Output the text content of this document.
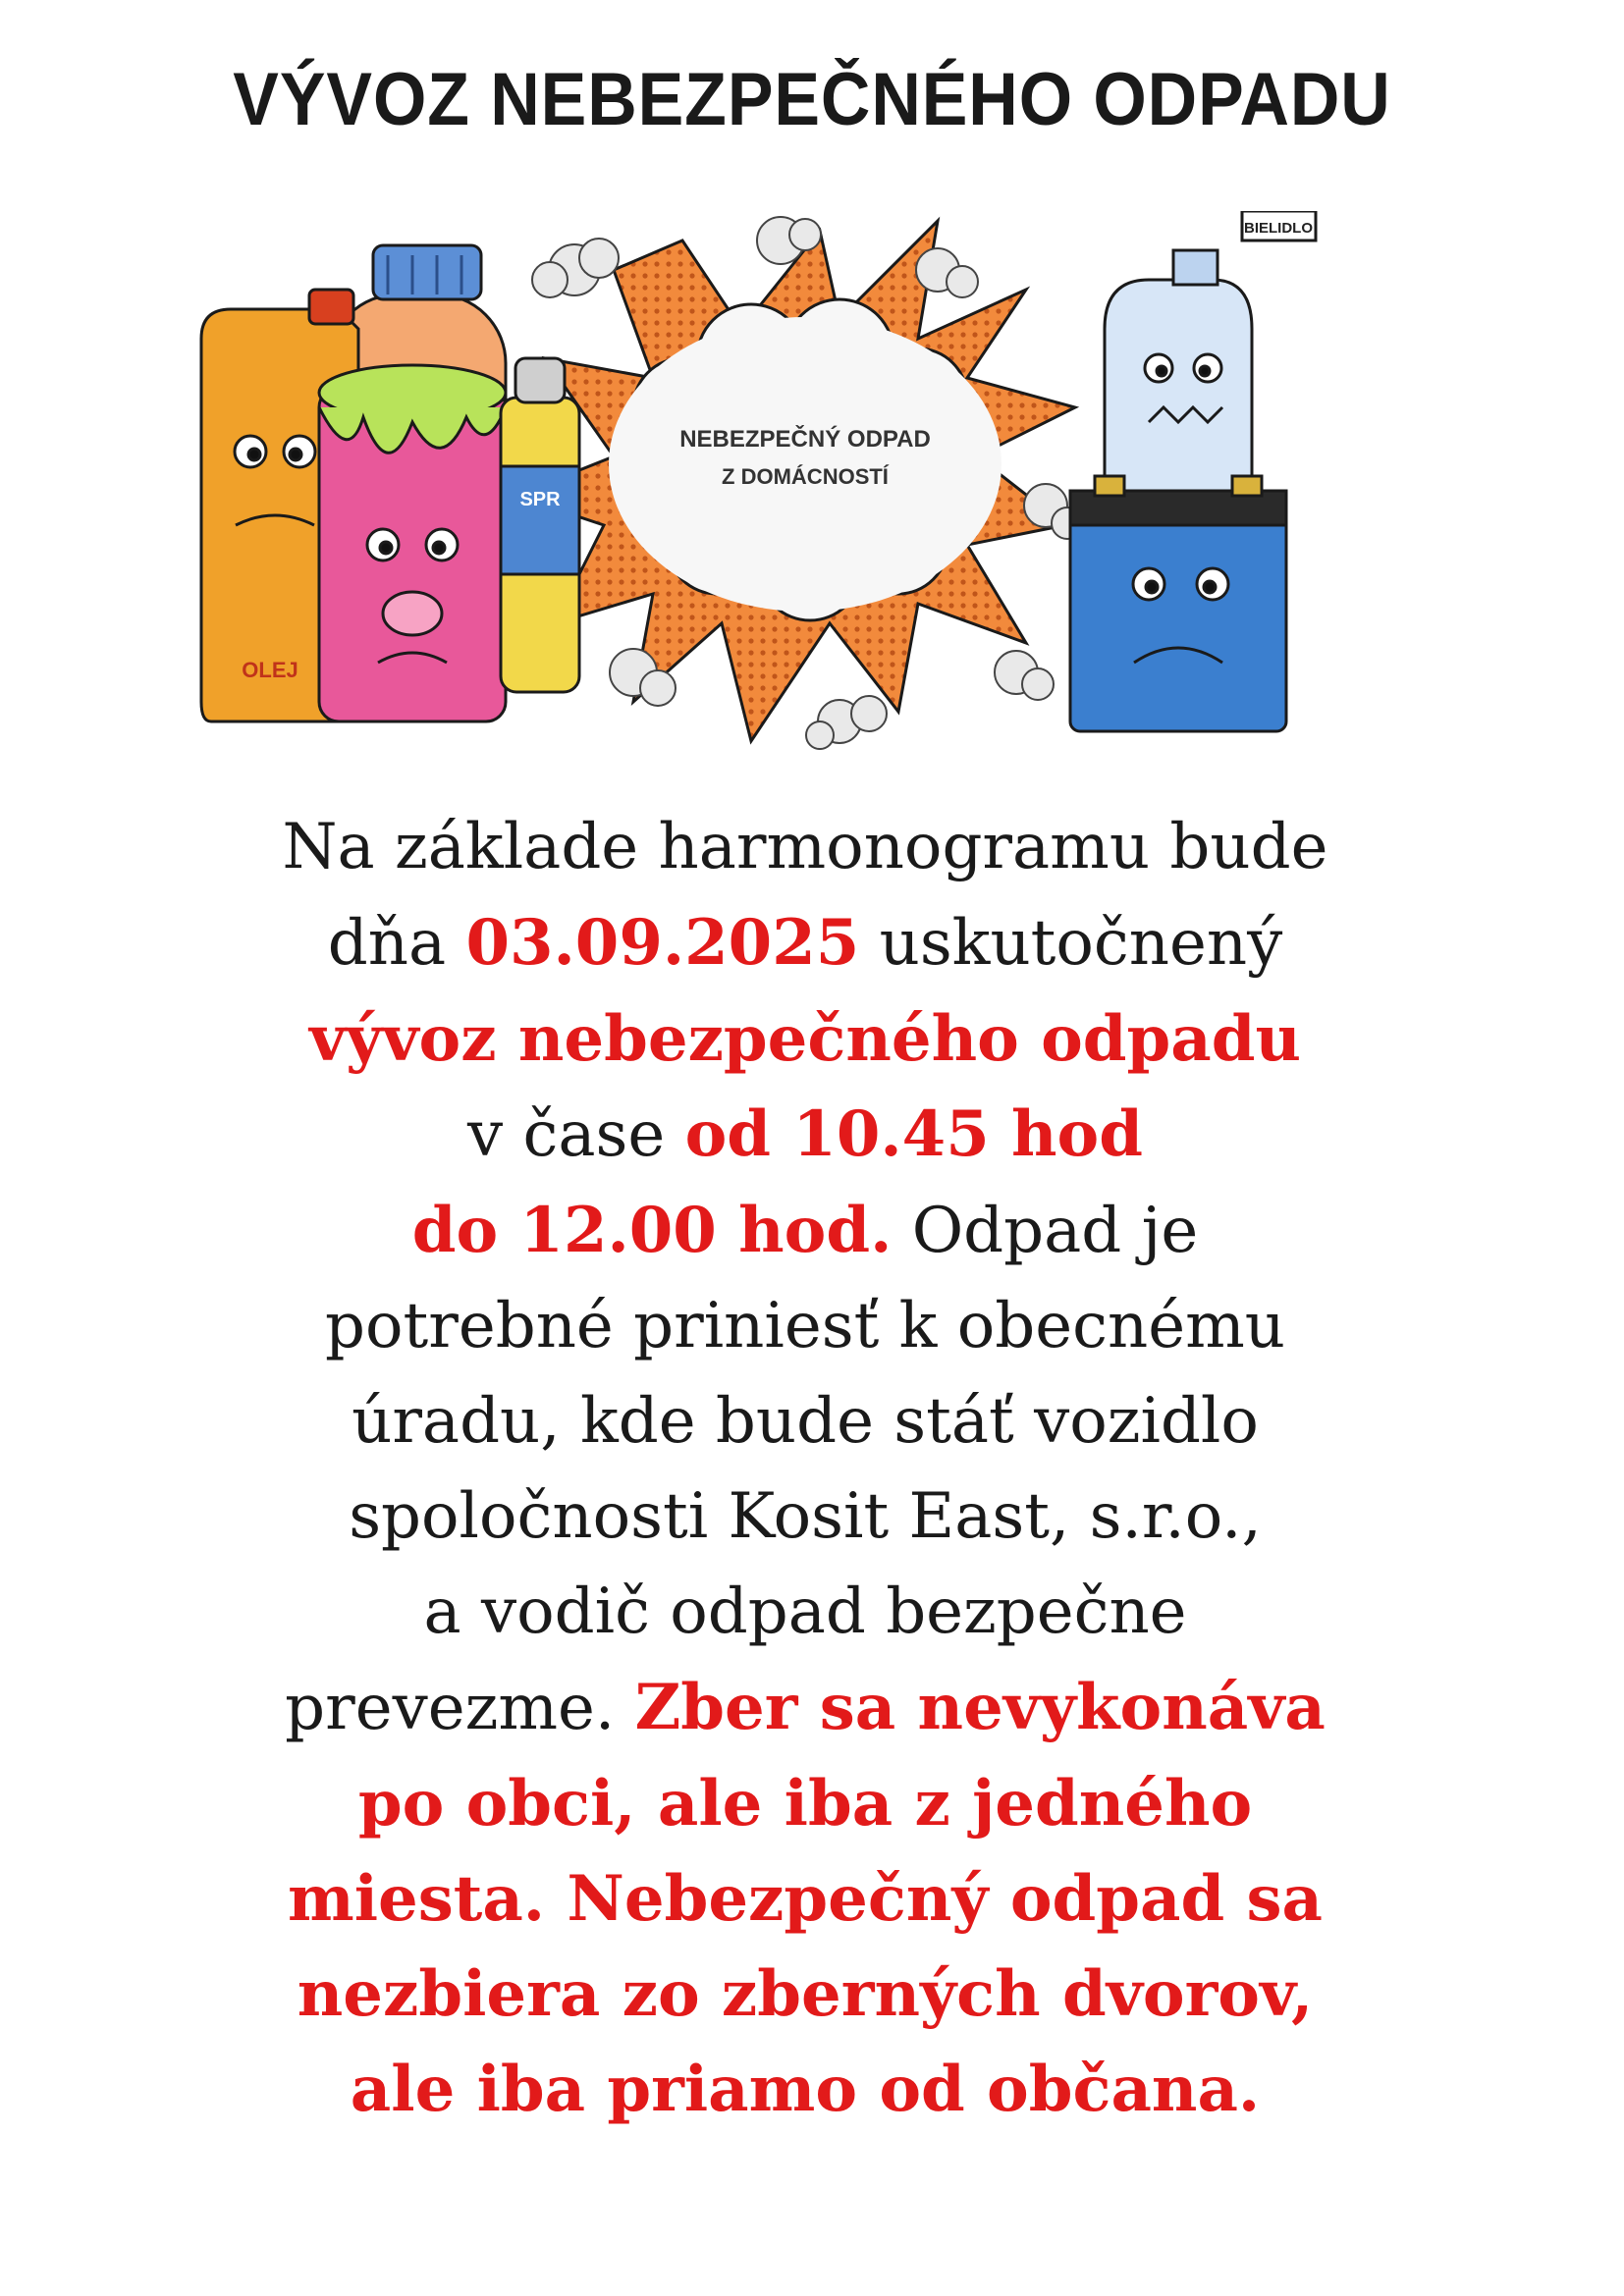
VÝVOZ NEBEZPEČNÉHO ODPADU
NEBEZPEČNÝ ODPAD
Z DOMÁCNOSTÍ
OLEJ
SPR
BIELIDLO
Na základe harmonogramu bude
dňa 03.09.2025 uskutočnený
vývoz nebezpečného odpadu
v čase od 10.45 hod
do 12.00 hod. Odpad je
potrebné priniesť k obecnému
úradu, kde bude stáť vozidlo
spoločnosti Kosit East, s.r.o.,
a vodič odpad bezpečne
prevezme. Zber sa nevykonáva
po obci, ale iba z jedného
miesta. Nebezpečný odpad sa
nezbiera zo zberných dvorov,
ale iba priamo od občana.
